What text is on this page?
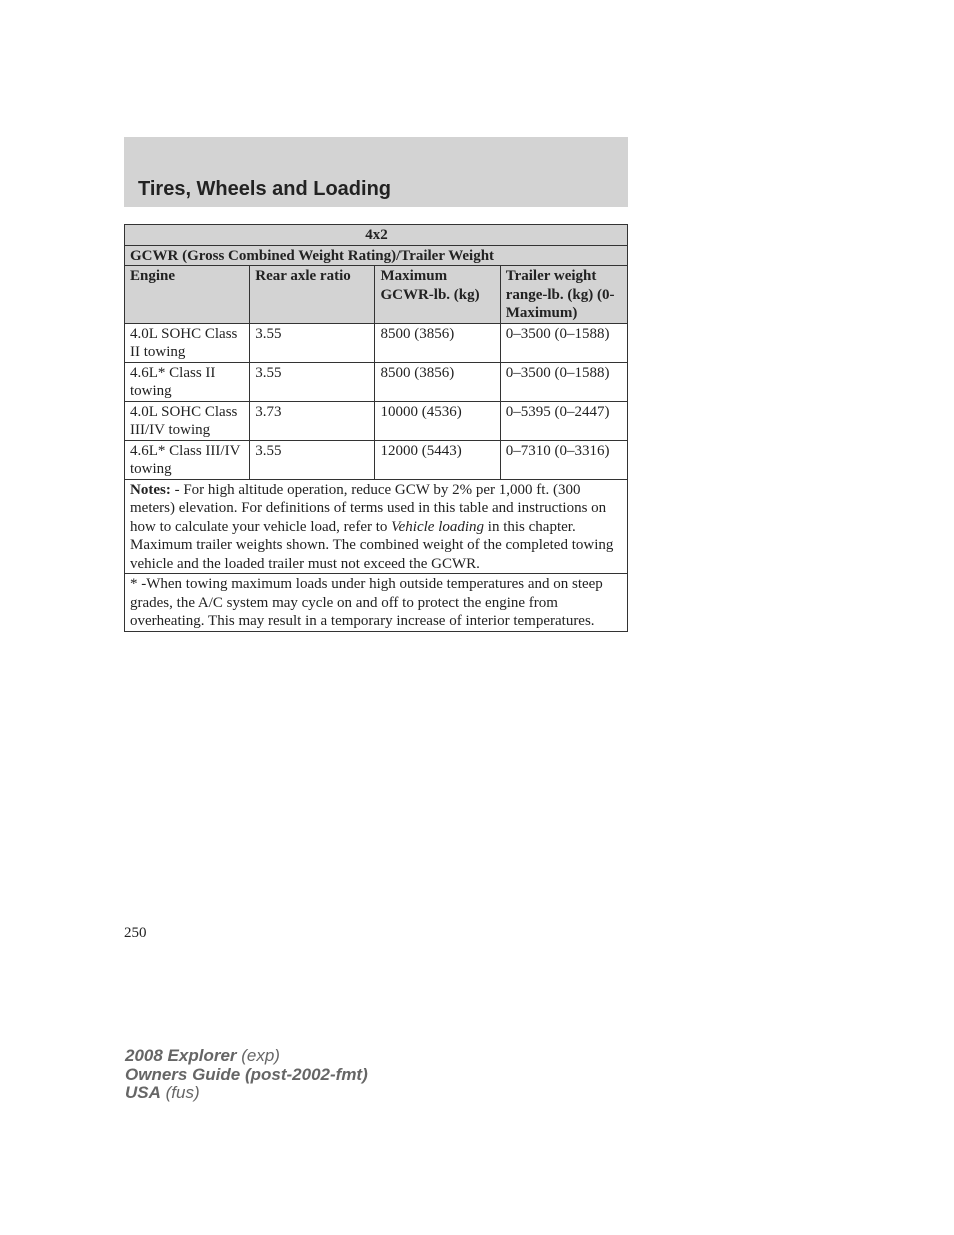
Tires, Wheels and Loading
4x2			
GCWR (Gross Combined Weight Rating)/Trailer Weight			
Engine	Rear axle ratio	Maximum GCWR-lb. (kg)	Trailer weight range-lb. (kg) (0-Maximum)
4.0L SOHC Class II towing	3.55	8500 (3856)	0–3500 (0–1588)
4.6L* Class II towing	3.55	8500 (3856)	0–3500 (0–1588)
4.0L SOHC Class III/IV towing	3.73	10000 (4536)	0–5395 (0–2447)
4.6L* Class III/IV towing	3.55	12000 (5443)	0–7310 (0–3316)
Notes: - For high altitude operation, reduce GCW by 2% per 1,000 ft. (300 meters) elevation. For definitions of terms used in this table and instructions on how to calculate your vehicle load, refer to Vehicle loading in this chapter. Maximum trailer weights shown. The combined weight of the completed towing vehicle and the loaded trailer must not exceed the GCWR.			
* -When towing maximum loads under high outside temperatures and on steep grades, the A/C system may cycle on and off to protect the engine from overheating. This may result in a temporary increase of interior temperatures.			
250
2008 Explorer (exp)
Owners Guide (post-2002-fmt)
USA (fus)
